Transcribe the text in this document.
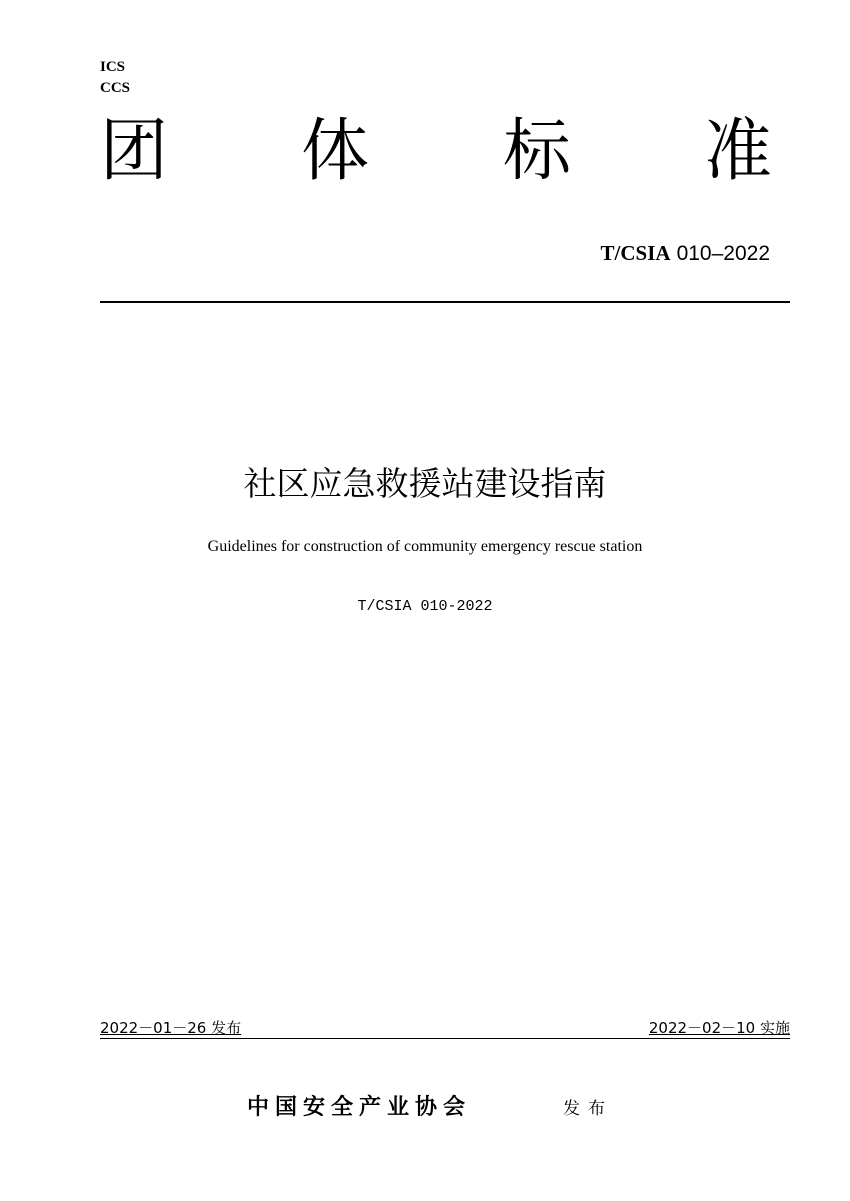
ICS
CCS
团 体 标 准
T/CSIA 010–2022
社区应急救援站建设指南
Guidelines for construction of community emergency rescue station
T/CSIA 010-2022
2022－01－26 发布	2022－02－10 实施
中国安全产业协会	发布
